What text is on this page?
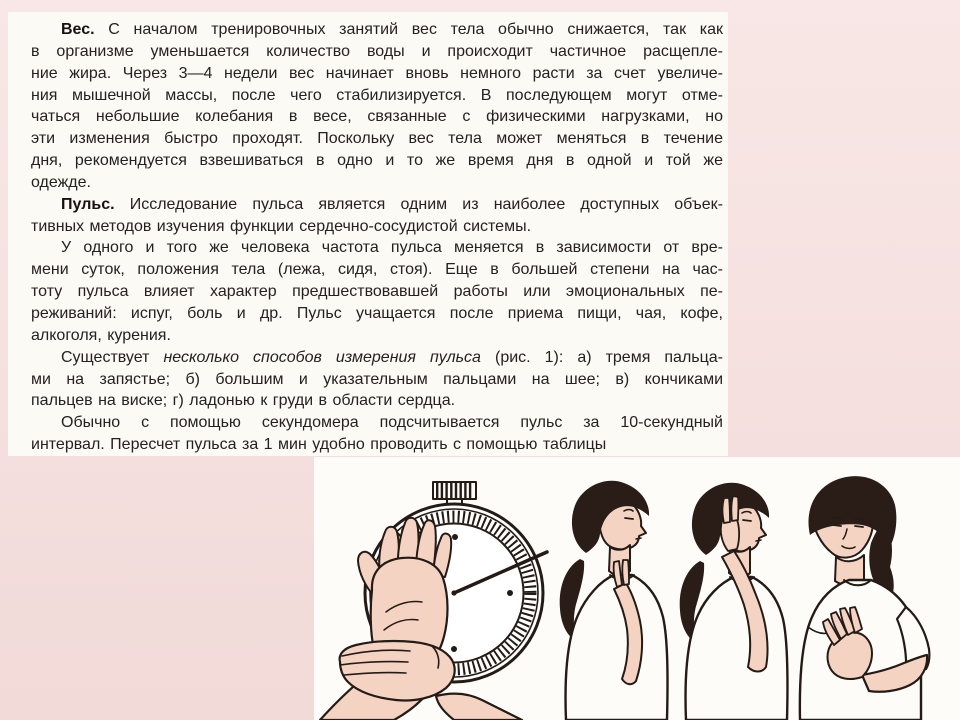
Вес. С началом тренировочных занятий вес тела обычно снижается, так как
в организме уменьшается количество воды и происходит частичное расщепле-
ние жира. Через 3—4 недели вес начинает вновь немного расти за счет увеличе-
ния мышечной массы, после чего стабилизируется. В последующем могут отме-
чаться небольшие колебания в весе, связанные с физическими нагрузками, но
эти изменения быстро проходят. Поскольку вес тела может меняться в течение
дня, рекомендуется взвешиваться в одно и то же время дня в одной и той же
одежде.
Пульс. Исследование пульса является одним из наиболее доступных объек-
тивных методов изучения функции сердечно-сосудистой системы.
У одного и того же человека частота пульса меняется в зависимости от вре-
мени суток, положения тела (лежа, сидя, стоя). Еще в большей степени на час-
тоту пульса влияет характер предшествовавшей работы или эмоциональных пе-
реживаний: испуг, боль и др. Пульс учащается после приема пищи, чая, кофе,
алкоголя, курения.
Существует несколько способов измерения пульса (рис. 1): а) тремя пальца-
ми на запястье; б) большим и указательным пальцами на шее; в) кончиками
пальцев на виске; г) ладонью к груди в области сердца.
Обычно с помощью секундомера подсчитывается пульс за 10-секундный
интервал. Пересчет пульса за 1 мин удобно проводить с помощью таблицы
